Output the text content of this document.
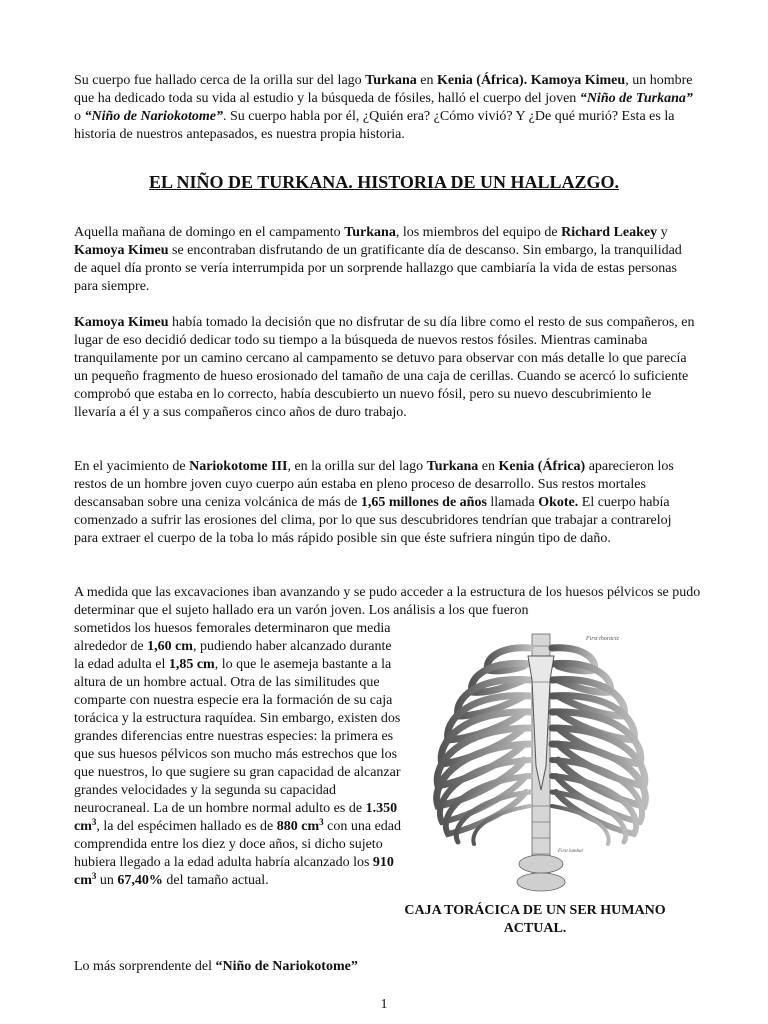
Su cuerpo fue hallado cerca de la orilla sur del lago Turkana en Kenia (África). Kamoya Kimeu, un hombre que ha dedicado toda su vida al estudio y la búsqueda de fósiles, halló el cuerpo del joven “Niño de Turkana” o “Niño de Nariokotome”. Su cuerpo habla por él, ¿Quién era? ¿Cómo vivió? Y ¿De qué murió? Esta es la historia de nuestros antepasados, es nuestra propia historia.

EL NIÑO DE TURKANA. HISTORIA DE UN HALLAZGO.

Aquella mañana de domingo en el campamento Turkana, los miembros del equipo de Richard Leakey y Kamoya Kimeu se encontraban disfrutando de un gratificante día de descanso. Sin embargo, la tranquilidad de aquel día pronto se vería interrumpida por un sorprende hallazgo que cambiaría la vida de estas personas para siempre.

Kamoya Kimeu había tomado la decisión que no disfrutar de su día libre como el resto de sus compañeros, en lugar de eso decidió dedicar todo su tiempo a la búsqueda de nuevos restos fósiles. Mientras caminaba tranquilamente por un camino cercano al campamento se detuvo para observar con más detalle lo que parecía un pequeño fragmento de hueso erosionado del tamaño de una caja de cerillas. Cuando se acercó lo suficiente comprobó que estaba en lo correcto, había descubierto un nuevo fósil, pero su nuevo descubrimiento le llevaría a él y a sus compañeros cinco años de duro trabajo.

En el yacimiento de Nariokotome III, en la orilla sur del lago Turkana en Kenia (África) aparecieron los restos de un hombre joven cuyo cuerpo aún estaba en pleno proceso de desarrollo. Sus restos mortales descansaban sobre una ceniza volcánica de más de 1,65 millones de años llamada Okote. El cuerpo había comenzado a sufrir las erosiones del clima, por lo que sus descubridores tendrían que trabajar a contrareloj para extraer el cuerpo de la toba lo más rápido posible sin que éste sufriera ningún tipo de daño.

A medida que las excavaciones iban avanzando y se pudo acceder a la estructura de los huesos pélvicos se pudo determinar que el sujeto hallado era un varón joven. Los análisis a los que fueron

sometidos los huesos femorales determinaron que media alrededor de 1,60 cm, pudiendo haber alcanzado durante la edad adulta el 1,85 cm, lo que le asemeja bastante a la altura de un hombre actual. Otra de las similitudes que comparte con nuestra especie era la formación de su caja torácica y la estructura raquídea. Sin embargo, existen dos grandes diferencias entre nuestras especies: la primera es que sus huesos pélvicos son mucho más estrechos que los que nuestros, lo que sugiere su gran capacidad de alcanzar grandes velocidades y la segunda su capacidad neurocraneal. La de un hombre normal adulto es de 1.350 $cm^3$, la del espécimen hallado es de 880 $cm^3$ con una edad comprendida entre los diez y doce años, si dicho sujeto hubiera llegado a la edad adulta habría alcanzado los 910 $cm^3$ un 67,40% del tamaño actual.

First thoracic
First lumbar
CAJA TORÁCICA DE UN SER HUMANO ACTUAL.

Lo más sorprendente del “Niño de Nariokotome”

1
